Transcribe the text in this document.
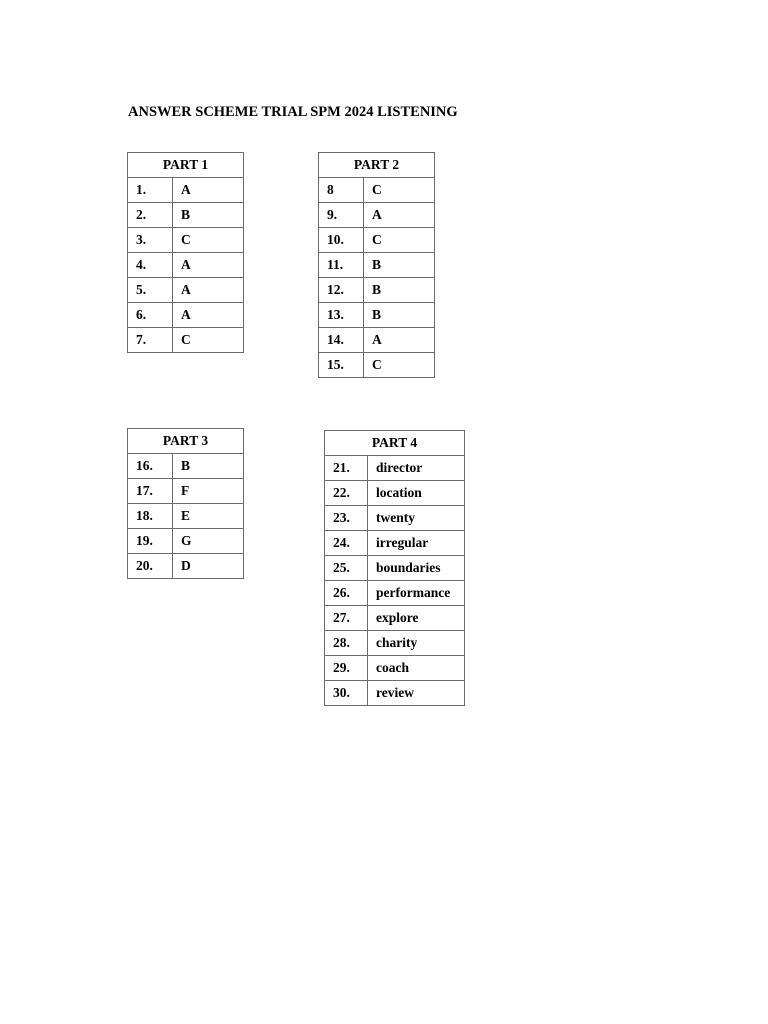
ANSWER SCHEME TRIAL SPM 2024 LISTENING
PART 1	
1.	A
2.	B
3.	C
4.	A
5.	A
6.	A
7.	C
PART 2	
8	C
9.	A
10.	C
11.	B
12.	B
13.	B
14.	A
15.	C
PART 3	
16.	B
17.	F
18.	E
19.	G
20.	D
PART 4	
21.	director
22.	location
23.	twenty
24.	irregular
25.	boundaries
26.	performance
27.	explore
28.	charity
29.	coach
30.	review
